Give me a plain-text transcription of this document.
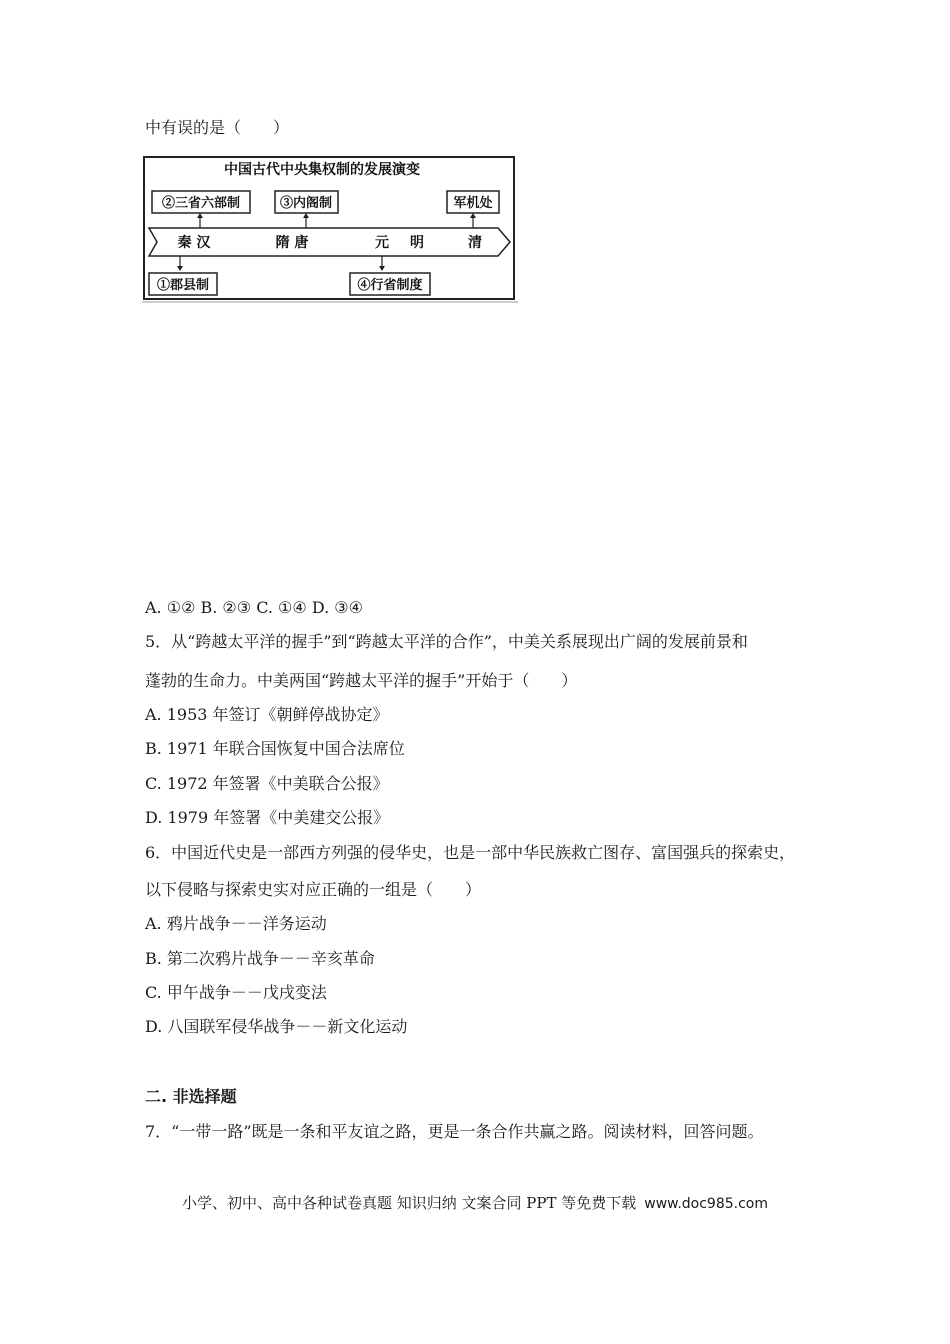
中有误的是（　　）
中国古代中央集权制的发展演变
秦 汉	隋 唐	元 明	清
②三省六部制	③内阁制	军机处
①郡县制	④行省制度
A. ①② B. ②③ C. ①④ D. ③④
5．从“跨越太平洋的握手”到“跨越太平洋的合作”，中美关系展现出广阔的发展前景和
蓬勃的生命力。中美两国“跨越太平洋的握手”开始于（　　）
A. 1953 年签订《朝鲜停战协定》
B. 1971 年联合国恢复中国合法席位
C. 1972 年签署《中美联合公报》
D. 1979 年签署《中美建交公报》
6．中国近代史是一部西方列强的侵华史，也是一部中华民族救亡图存、富国强兵的探索史，
以下侵略与探索史实对应正确的一组是（　　）
A. 鸦片战争－－洋务运动
B. 第二次鸦片战争－－辛亥革命
C. 甲午战争－－戊戌变法
D. 八国联军侵华战争－－新文化运动
二. 非选择题
7．“一带一路”既是一条和平友谊之路，更是一条合作共赢之路。阅读材料，回答问题。
小学、初中、高中各种试卷真题 知识归纳 文案合同 PPT 等免费下载 www.doc985.com
